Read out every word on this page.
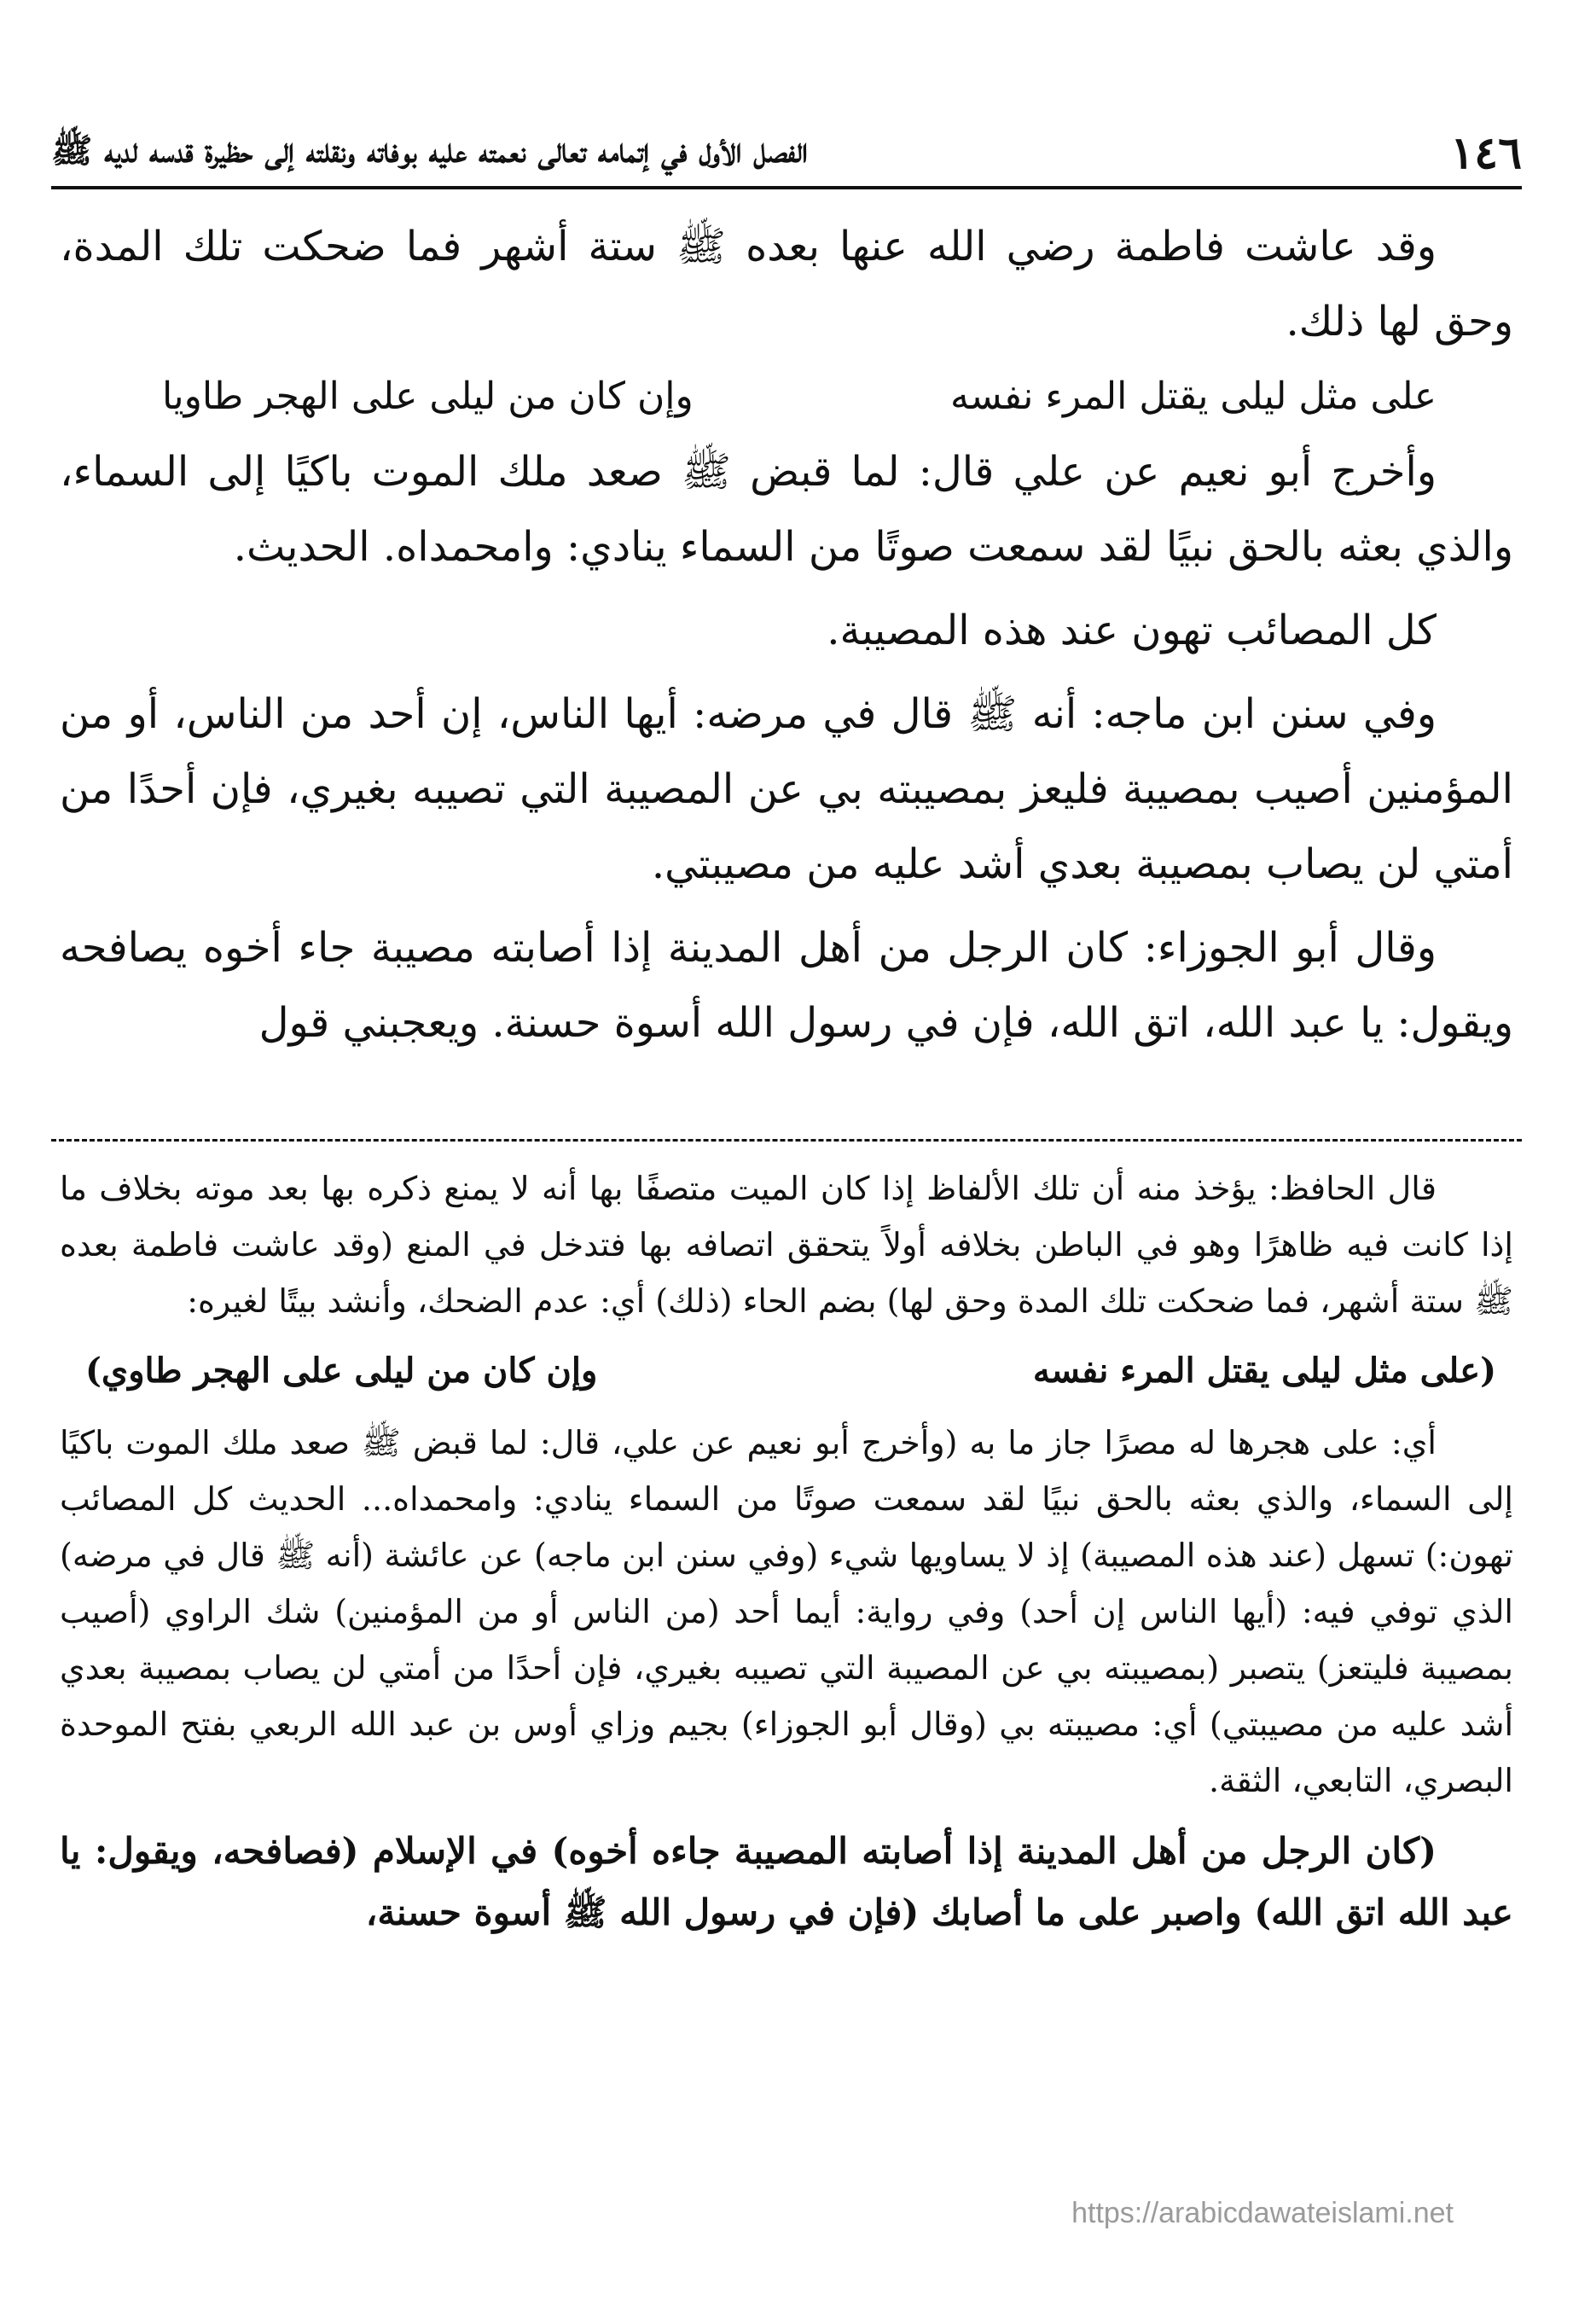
١٤٦
الفصل الأول في إتمامه تعالى نعمته عليه بوفاته ونقلته إلى حظيرة قدسه لديه ﷺ

وقد عاشت فاطمة رضي الله عنها بعده ﷺ ستة أشهر فما ضحكت تلك المدة، وحق لها ذلك.

على مثل ليلى يقتل المرء نفسه
وإن كان من ليلى على الهجر طاويا

وأخرج أبو نعيم عن علي قال: لما قبض ﷺ صعد ملك الموت باكيًا إلى السماء، والذي بعثه بالحق نبيًا لقد سمعت صوتًا من السماء ينادي: وامحمداه. الحديث.

كل المصائب تهون عند هذه المصيبة.

وفي سنن ابن ماجه: أنه ﷺ قال في مرضه: أيها الناس، إن أحد من الناس، أو من المؤمنين أصيب بمصيبة فليعز بمصيبته بي عن المصيبة التي تصيبه بغيري، فإن أحدًا من أمتي لن يصاب بمصيبة بعدي أشد عليه من مصيبتي.

وقال أبو الجوزاء: كان الرجل من أهل المدينة إذا أصابته مصيبة جاء أخوه يصافحه ويقول: يا عبد الله، اتق الله، فإن في رسول الله أسوة حسنة. ويعجبني قول

قال الحافظ: يؤخذ منه أن تلك الألفاظ إذا كان الميت متصفًا بها أنه لا يمنع ذكره بها بعد موته بخلاف ما إذا كانت فيه ظاهرًا وهو في الباطن بخلافه أولاً يتحقق اتصافه بها فتدخل في المنع (وقد عاشت فاطمة بعده ﷺ ستة أشهر، فما ضحكت تلك المدة وحق لها) بضم الحاء (ذلك) أي: عدم الضحك، وأنشد بيتًا لغيره:

(على مثل ليلى يقتل المرء نفسه
وإن كان من ليلى على الهجر طاوي)

أي: على هجرها له مصرًا جاز ما به (وأخرج أبو نعيم عن علي، قال: لما قبض ﷺ صعد ملك الموت باكيًا إلى السماء، والذي بعثه بالحق نبيًا لقد سمعت صوتًا من السماء ينادي: وامحمداه... الحديث كل المصائب تهون:) تسهل (عند هذه المصيبة) إذ لا يساويها شيء (وفي سنن ابن ماجه) عن عائشة (أنه ﷺ قال في مرضه) الذي توفي فيه: (أيها الناس إن أحد) وفي رواية: أيما أحد (من الناس أو من المؤمنين) شك الراوي (أصيب بمصيبة فليتعز) يتصبر (بمصيبته بي عن المصيبة التي تصيبه بغيري، فإن أحدًا من أمتي لن يصاب بمصيبة بعدي أشد عليه من مصيبتي) أي: مصيبته بي (وقال أبو الجوزاء) بجيم وزاي أوس بن عبد الله الربعي بفتح الموحدة البصري، التابعي، الثقة.

(كان الرجل من أهل المدينة إذا أصابته المصيبة جاءه أخوه) في الإسلام (فصافحه، ويقول: يا عبد الله اتق الله) واصبر على ما أصابك (فإن في رسول الله ﷺ أسوة حسنة،

https://arabicdawateislami.net
